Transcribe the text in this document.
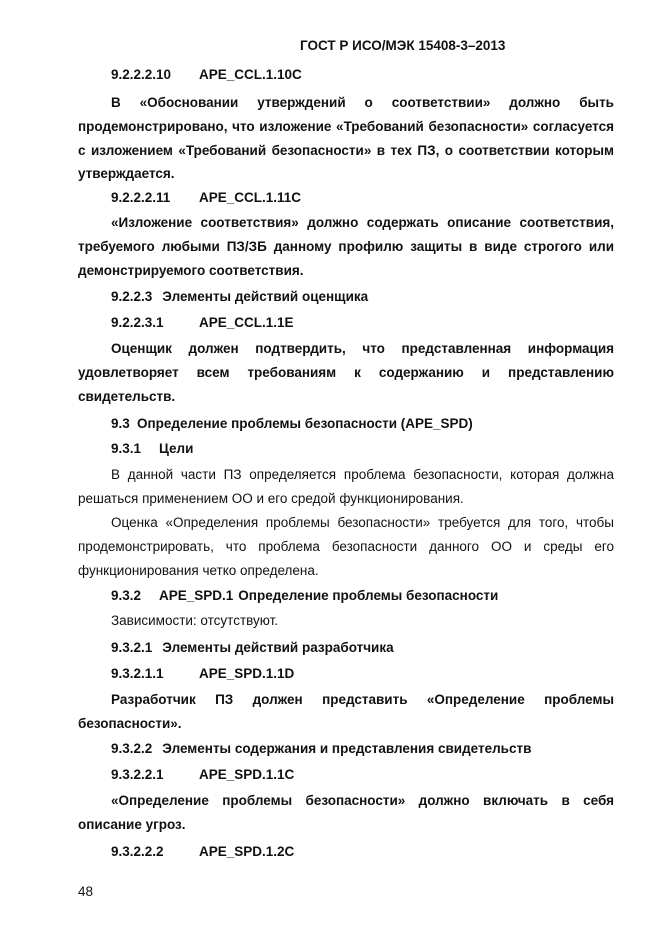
ГОСТ Р ИСО/МЭК 15408-3–2013
9.2.2.2.10 APE_CCL.1.10C
В «Обосновании утверждений о соответствии» должно быть продемонстрировано, что изложение «Требований безопасности» согласуется с изложением «Требований безопасности» в тех ПЗ, о соответствии которым утверждается.
9.2.2.2.11 APE_CCL.1.11C
«Изложение соответствия» должно содержать описание соответствия, требуемого любыми ПЗ/ЗБ данному профилю защиты в виде строгого или демонстрируемого соответствия.
9.2.2.3 Элементы действий оценщика
9.2.2.3.1	APE_CCL.1.1E
Оценщик должен подтвердить, что представленная информация удовлетворяет всем требованиям к содержанию и представлению свидетельств.
9.3 Определение проблемы безопасности (APE_SPD)
9.3.1 Цели
В данной части ПЗ определяется проблема безопасности, которая должна решаться применением ОО и его средой функционирования.
Оценка «Определения проблемы безопасности» требуется для того, чтобы продемонстрировать, что проблема безопасности данного ОО и среды его функционирования четко определена.
9.3.2 APE_SPD.1 Определение проблемы безопасности
Зависимости: отсутствуют.
9.3.2.1 Элементы действий разработчика
9.3.2.1.1	APE_SPD.1.1D
Разработчик ПЗ должен представить «Определение проблемы безопасности».
9.3.2.2 Элементы содержания и представления свидетельств
9.3.2.2.1	APE_SPD.1.1C
«Определение проблемы безопасности» должно включать в себя описание угроз.
9.3.2.2.2	APE_SPD.1.2C
48
